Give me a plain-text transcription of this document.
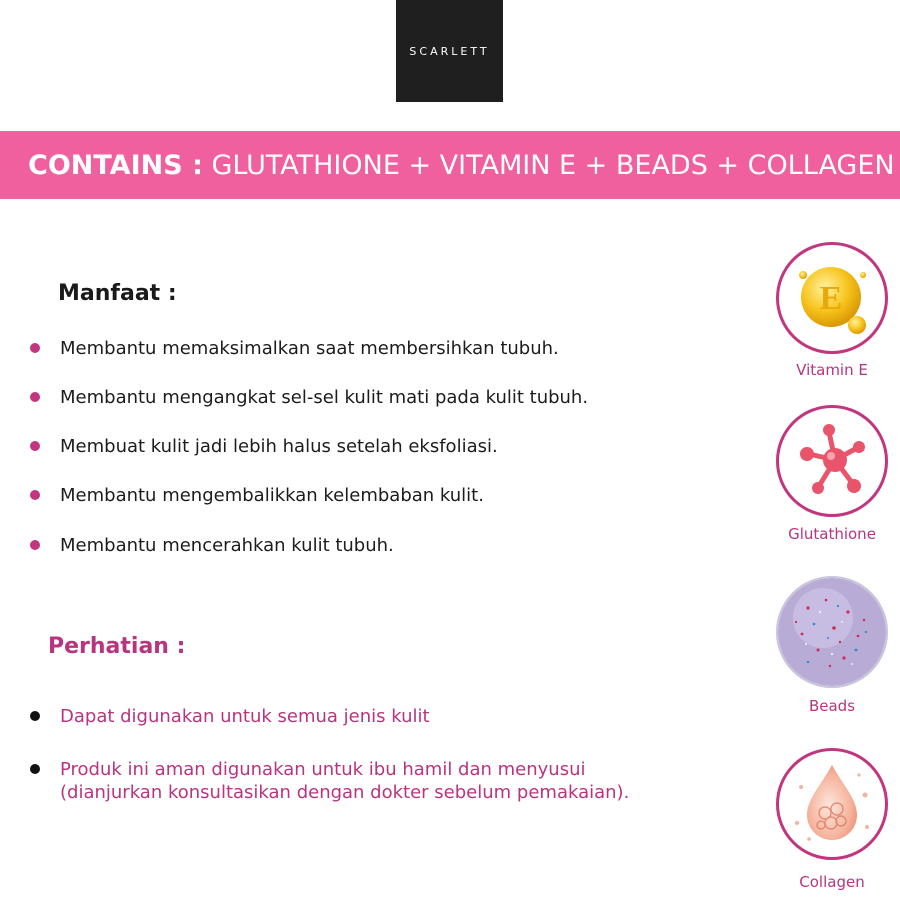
SCARLETT
CONTAINS :
GLUTATHIONE + VITAMIN E + BEADS + COLLAGEN
Manfaat :
Membantu memaksimalkan saat membersihkan tubuh.
Membantu mengangkat sel-sel kulit mati pada kulit tubuh.
Membuat kulit jadi lebih halus setelah eksfoliasi.
Membantu mengembalikkan kelembaban kulit.
Membantu mencerahkan kulit tubuh.
Perhatian :
Dapat digunakan untuk semua jenis kulit
Produk ini aman digunakan untuk ibu hamil dan menyusui
(dianjurkan konsultasikan dengan dokter sebelum pemakaian).
E
Vitamin E
Glutathione
Beads
Collagen
